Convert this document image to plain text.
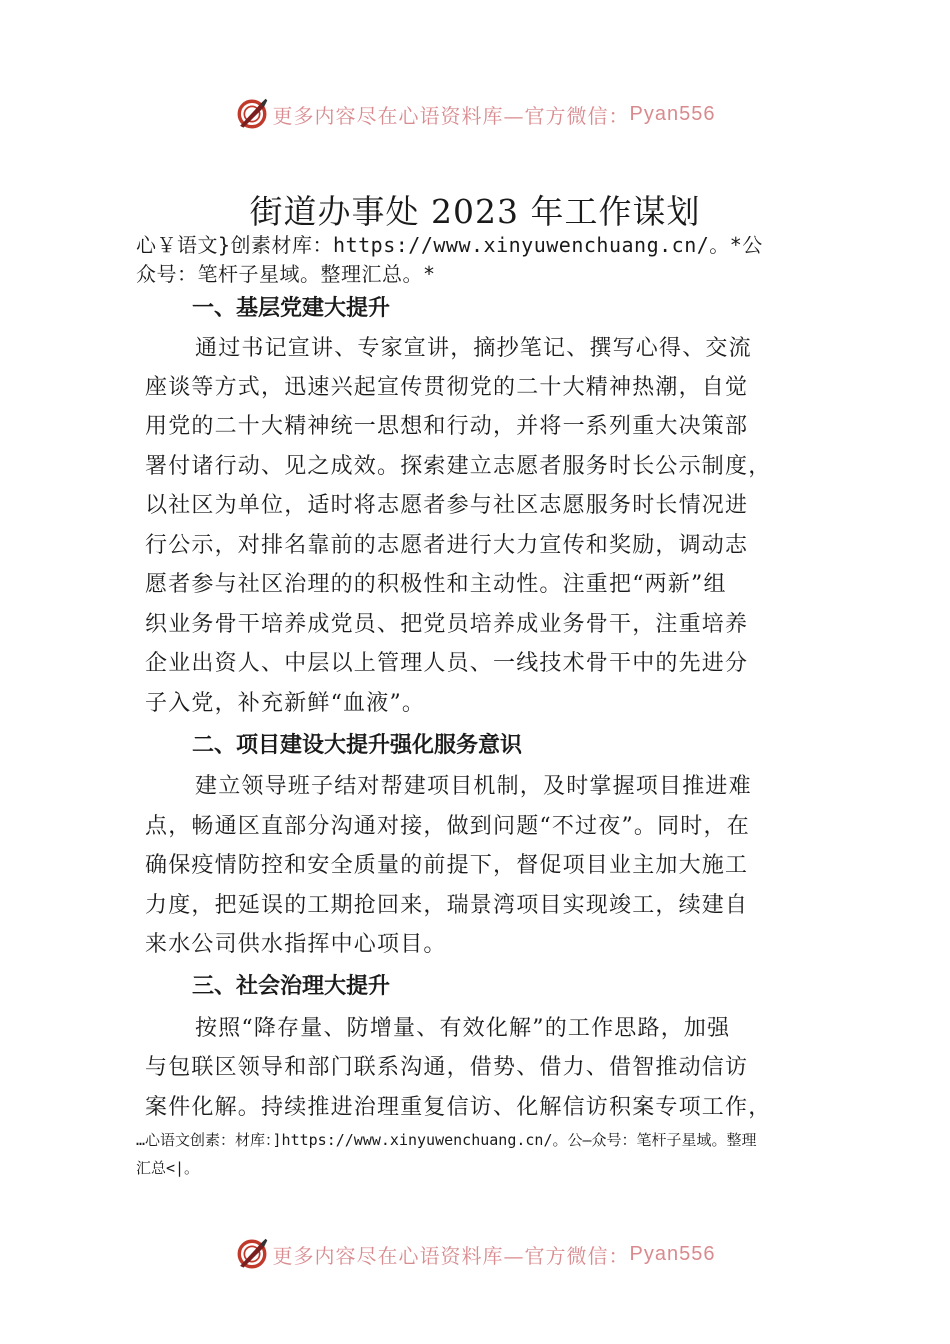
更多内容尽在心语资料库—官方微信： Pyan556
街道办事处 2023 年工作谋划
心￥语文}创素材库：https://www.xinyuwenchuang.cn/。*公
众号：笔杆子星域。整理汇总。*
一、基层党建大提升
通过书记宣讲、专家宣讲，摘抄笔记、撰写心得、交流
座谈等方式，迅速兴起宣传贯彻党的二十大精神热潮，自觉
用党的二十大精神统一思想和行动，并将一系列重大决策部
署付诸行动、见之成效。探索建立志愿者服务时长公示制度，
以社区为单位，适时将志愿者参与社区志愿服务时长情况进
行公示，对排名靠前的志愿者进行大力宣传和奖励，调动志
愿者参与社区治理的的积极性和主动性。注重把“两新”组
织业务骨干培养成党员、把党员培养成业务骨干，注重培养
企业出资人、中层以上管理人员、一线技术骨干中的先进分
子入党，补充新鲜“血液”。
二、项目建设大提升强化服务意识
建立领导班子结对帮建项目机制，及时掌握项目推进难
点，畅通区直部分沟通对接，做到问题“不过夜”。同时，在
确保疫情防控和安全质量的前提下，督促项目业主加大施工
力度，把延误的工期抢回来，瑞景湾项目实现竣工，续建自
来水公司供水指挥中心项目。
三、社会治理大提升
按照“降存量、防增量、有效化解”的工作思路，加强
与包联区领导和部门联系沟通，借势、借力、借智推动信访
案件化解。持续推进治理重复信访、化解信访积案专项工作，
…心语文创素：材库：]https://www.xinyuwenchuang.cn/。公—众号：笔杆子星域。整理
汇总<|。
更多内容尽在心语资料库—官方微信： Pyan556
